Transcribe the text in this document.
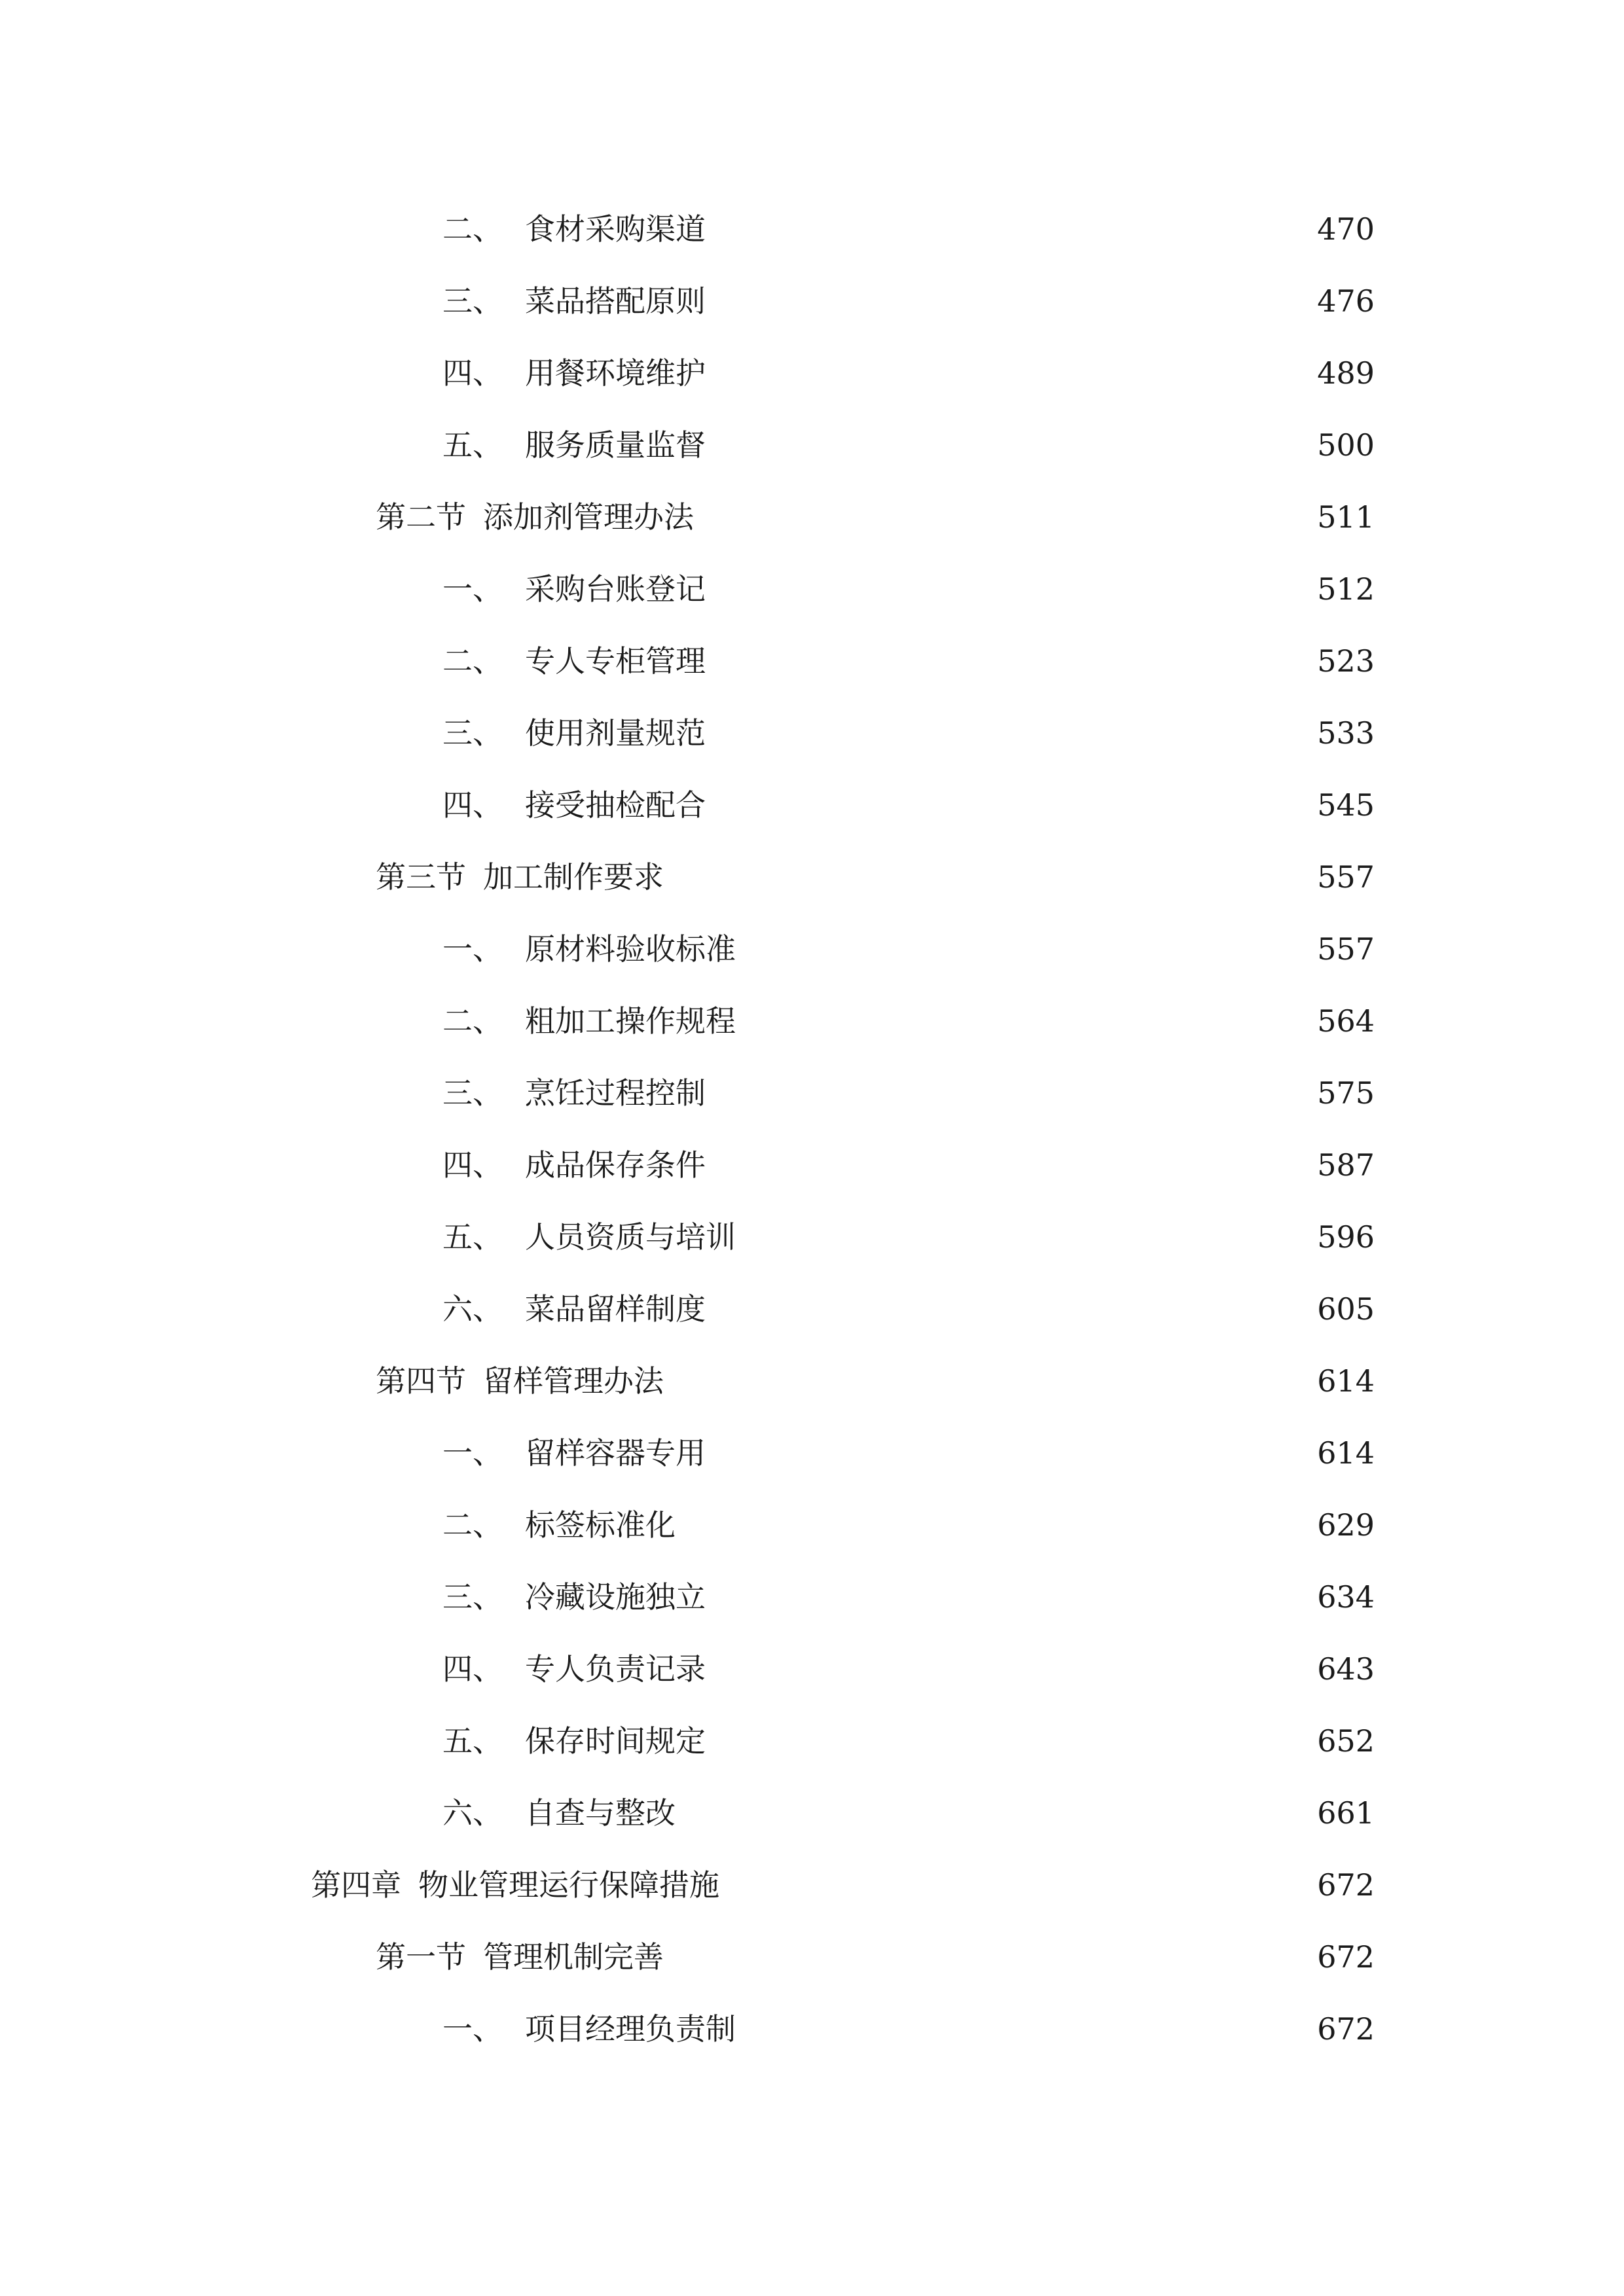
二、 食材采购渠道	470
三、 菜品搭配原则	476
四、 用餐环境维护	489
五、 服务质量监督	500
第二节 添加剂管理办法	511
一、 采购台账登记	512
二、 专人专柜管理	523
三、 使用剂量规范	533
四、 接受抽检配合	545
第三节 加工制作要求	557
一、 原材料验收标准	557
二、 粗加工操作规程	564
三、 烹饪过程控制	575
四、 成品保存条件	587
五、 人员资质与培训	596
六、 菜品留样制度	605
第四节 留样管理办法	614
一、 留样容器专用	614
二、 标签标准化	629
三、 冷藏设施独立	634
四、 专人负责记录	643
五、 保存时间规定	652
六、 自查与整改	661
第四章 物业管理运行保障措施	672
第一节 管理机制完善	672
一、 项目经理负责制	672
